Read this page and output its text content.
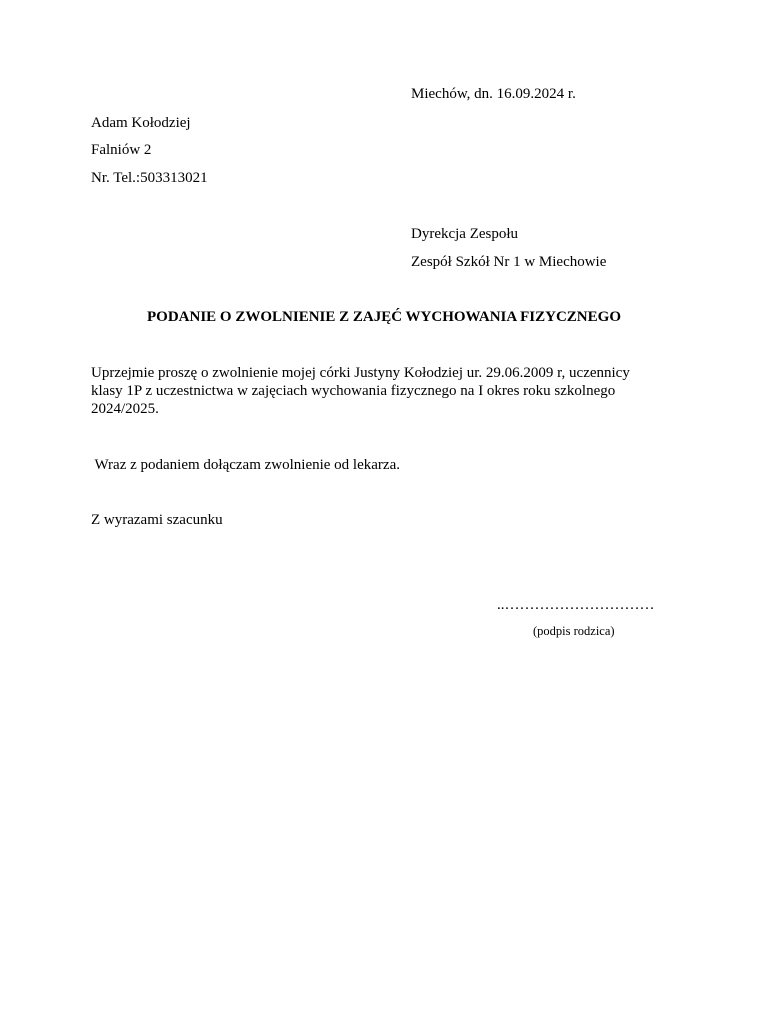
Miechów, dn. 16.09.2024 r.
Adam Kołodziej
Falniów 2
Nr. Tel.:503313021
Dyrekcja Zespołu
Zespół Szkół Nr 1 w Miechowie
PODANIE O ZWOLNIENIE Z ZAJĘĆ WYCHOWANIA FIZYCZNEGO
Uprzejmie proszę o zwolnienie mojej córki Justyny Kołodziej ur. 29.06.2009 r, uczennicy
klasy 1P z uczestnictwa w zajęciach wychowania fizycznego na I okres roku szkolnego
2024/2025.
Wraz z podaniem dołączam zwolnienie od lekarza.
Z wyrazami szacunku
..…………………………
(podpis rodzica)
